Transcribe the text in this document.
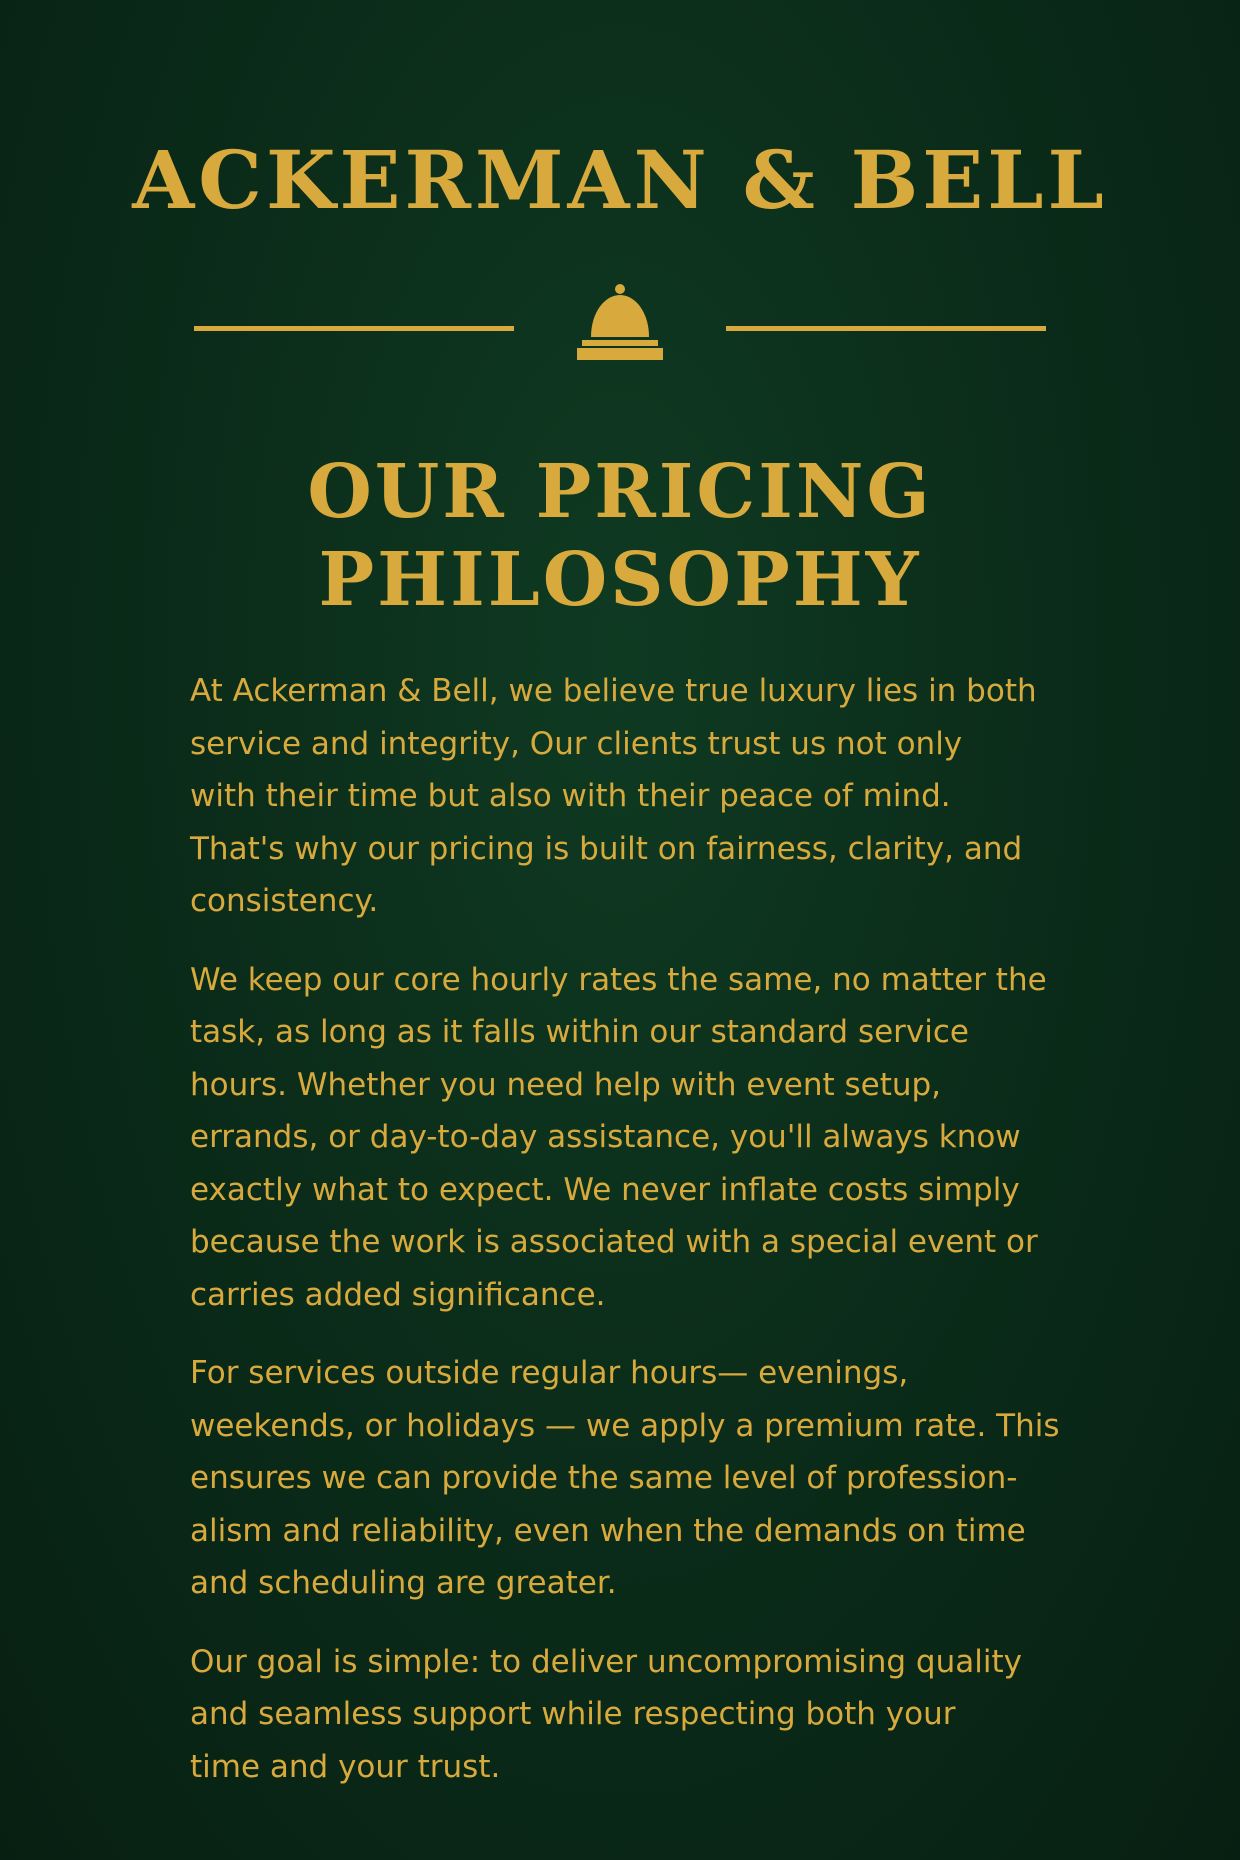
ACKERMAN & BELL
OUR PRICING
PHILOSOPHY

At Ackerman & Bell, we believe true luxury lies in both
service and integrity, Our clients trust us not only
with their time but also with their peace of mind.
That's why our pricing is built on fairness, clarity, and
consistency.

We keep our core hourly rates the same, no matter the
task, as long as it falls within our standard service
hours. Whether you need help with event setup,
errands, or day-to-day assistance, you'll always know
exactly what to expect. We never inflate costs simply
because the work is associated with a special event or
carries added significance.

For services outside regular hours— evenings,
weekends, or holidays — we apply a premium rate. This
ensures we can provide the same level of profession-
alism and reliability, even when the demands on time
and scheduling are greater.

Our goal is simple: to deliver uncompromising quality
and seamless support while respecting both your
time and your trust.
